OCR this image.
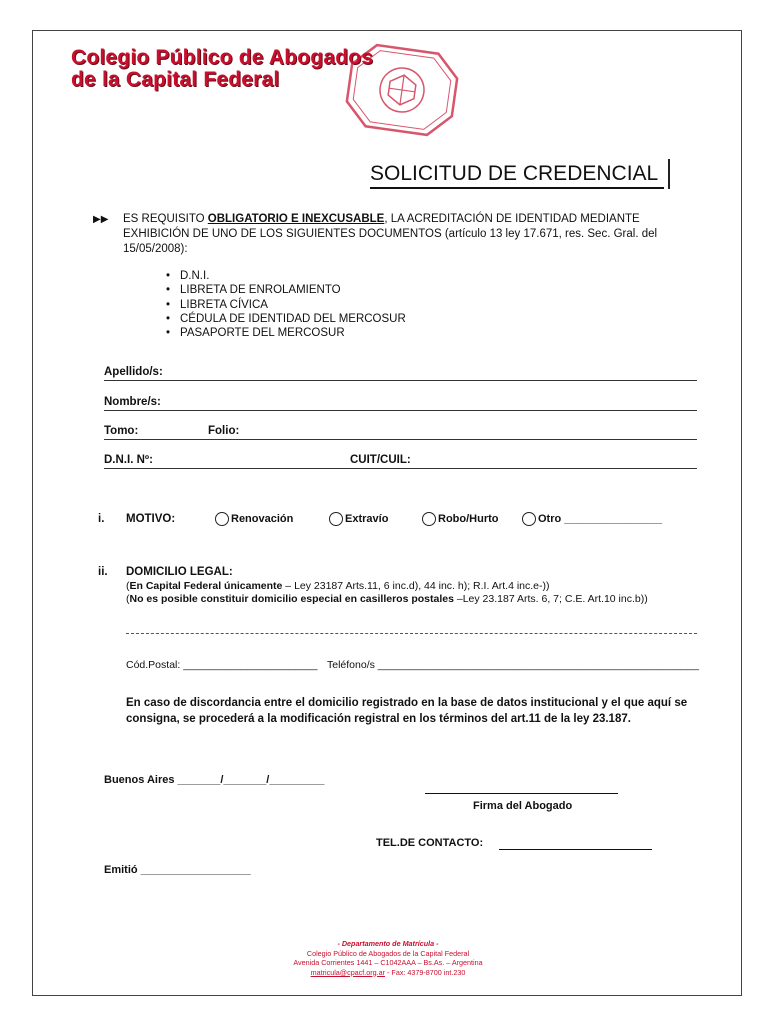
Colegio Público de Abogados
de la Capital Federal
SOLICITUD DE CREDENCIAL
▶▶ ES REQUISITO OBLIGATORIO E INEXCUSABLE, LA ACREDITACIÓN DE IDENTIDAD MEDIANTE EXHIBICIÓN DE UNO DE LOS SIGUIENTES DOCUMENTOS (artículo 13 ley 17.671, res. Sec. Gral. del 15/05/2008):
• D.N.I.
• LIBRETA DE ENROLAMIENTO
• LIBRETA CÍVICA
• CÉDULA DE IDENTIDAD DEL MERCOSUR
• PASAPORTE DEL MERCOSUR
Apellido/s:
Nombre/s:
Tomo:	Folio:
D.N.I. Nº:	CUIT/CUIL:
i. MOTIVO:	Renovación	Extravío	Robo/Hurto	Otro ________________
ii. DOMICILIO LEGAL:
(En Capital Federal únicamente – Ley 23187 Arts.11, 6 inc.d), 44 inc. h); R.I. Art.4 inc.e-))
(No es posible constituir domicilio especial en casilleros postales –Ley 23.187 Arts. 6, 7; C.E. Art.10 inc.b))
Cód.Postal: _______________________ Teléfono/s _______________________________________________________
En caso de discordancia entre el domicilio registrado en la base de datos institucional y el que aquí se consigna, se procederá a la modificación registral en los términos del art.11 de la ley 23.187.
Buenos Aires _______/_______/_________
Firma del Abogado
TEL.DE CONTACTO:
Emitió __________________
- Departamento de Matrícula -
Colegio Público de Abogados de la Capital Federal
Avenida Corrientes 1441 – C1042AAA – Bs.As. – Argentina
matricula@cpacf.org.ar - Fax: 4379-8700 int.230
